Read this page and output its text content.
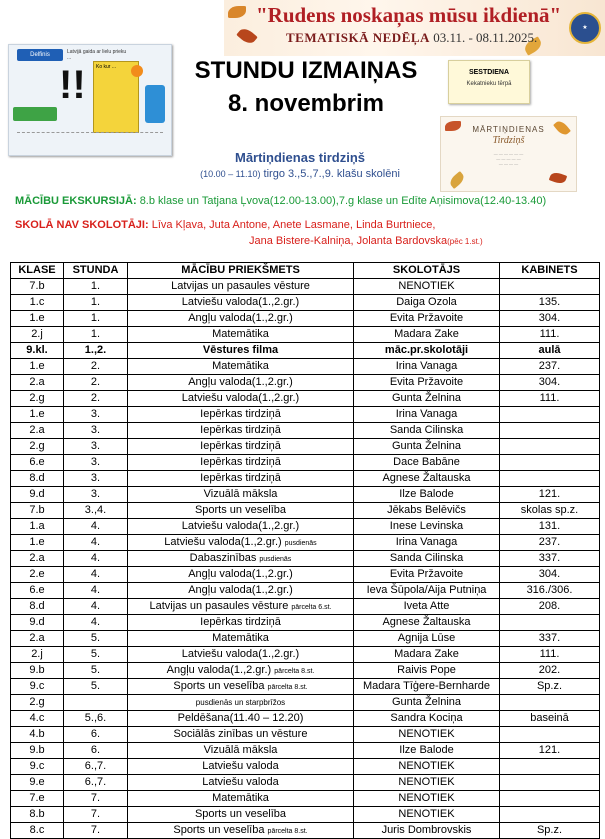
Delfinis	Latvijā gaida ar lielu prieku ...
!!	Ko kur ...
"Rudens noskaņas mūsu ikdienā"
TEMATISKĀ NEDĒĻA 03.11. - 08.11.2025.
★
SESTDIENA
Kekatnieku tērpā
MĀRTIŅDIENAS
Tirdziņš
— — — — — —
— — — — —
— — — —
STUNDU IZMAIŅAS
8. novembrim
Mārtiņdienas tirdziņš
(10.00 – 11.10) tirgo 3.,5.,7.,9. klašu skolēni
MĀCĪBU EKSKURSIJĀ: 8.b klase un Tatjana Ļvova(12.00-13.00),7.g klase un Edīte Aņisimova(12.40-13.40)
SKOLĀ NAV SKOLOTĀJI: Līva Kļava, Juta Antone, Anete Lasmane, Linda Burtniece,
Jana Bistere-Kalniņa, Jolanta Bardovska(pēc 1.st.)
KLASE	STUNDA	MĀCĪBU PRIEKŠMETS	SKOLOTĀJS	KABINETS
7.b	1.	Latvijas un pasaules vēsture	NENOTIEK	
1.c	1.	Latviešu valoda(1.,2.gr.)	Daiga Ozola	135.
1.e	1.	Angļu valoda(1.,2.gr.)	Evita Pržavoite	304.
2.j	1.	Matemātika	Madara Zake	111.
9.kl.	1.,2.	Vēstures filma	māc.pr.skolotāji	aulā
1.e	2.	Matemātika	Irina Vanaga	237.
2.a	2.	Angļu valoda(1.,2.gr.)	Evita Pržavoite	304.
2.g	2.	Latviešu valoda(1.,2.gr.)	Gunta Želnina	111.
1.e	3.	Iepērkas tirdziņā	Irina Vanaga	
2.a	3.	Iepērkas tirdziņā	Sanda Cilinska	
2.g	3.	Iepērkas tirdziņā	Gunta Želnina	
6.e	3.	Iepērkas tirdziņā	Dace Babāne	
8.d	3.	Iepērkas tirdziņā	Agnese Žaltauska	
9.d	3.	Vizuālā māksla	Ilze Balode	121.
7.b	3.,4.	Sports un veselība	Jēkabs Belēvičs	skolas sp.z.
1.a	4.	Latviešu valoda(1.,2.gr.)	Inese Levinska	131.
1.e	4.	Latviešu valoda(1.,2.gr.) pusdienās	Irina Vanaga	237.
2.a	4.	Dabaszinības pusdienās	Sanda Cilinska	337.
2.e	4.	Angļu valoda(1.,2.gr.)	Evita Pržavoite	304.
6.e	4.	Angļu valoda(1.,2.gr.)	Ieva Šūpola/Aija Putniņa	316./306.
8.d	4.	Latvijas un pasaules vēsture pārcelta 6.st.	Iveta Atte	208.
9.d	4.	Iepērkas tirdziņā	Agnese Žaltauska	
2.a	5.	Matemātika	Agnija Lūse	337.
2.j	5.	Latviešu valoda(1.,2.gr.)	Madara Zake	111.
9.b	5.	Angļu valoda(1.,2.gr.) pārcelta 8.st.	Raivis Pope	202.
9.c	5.	Sports un veselība pārcelta 8.st.	Madara Tīģere-Bernharde	Sp.z.
2.g		pusdienās un starpbrīžos	Gunta Želnina	
4.c	5.,6.	Peldēšana(11.40 – 12.20)	Sandra Kociņa	baseinā
4.b	6.	Sociālās zinības un vēsture	NENOTIEK	
9.b	6.	Vizuālā māksla	Ilze Balode	121.
9.c	6.,7.	Latviešu valoda	NENOTIEK	
9.e	6.,7.	Latviešu valoda	NENOTIEK	
7.e	7.	Matemātika	NENOTIEK	
8.b	7.	Sports un veselība	NENOTIEK	
8.c	7.	Sports un veselība pārcelta 8.st.	Juris Dombrovskis	Sp.z.
